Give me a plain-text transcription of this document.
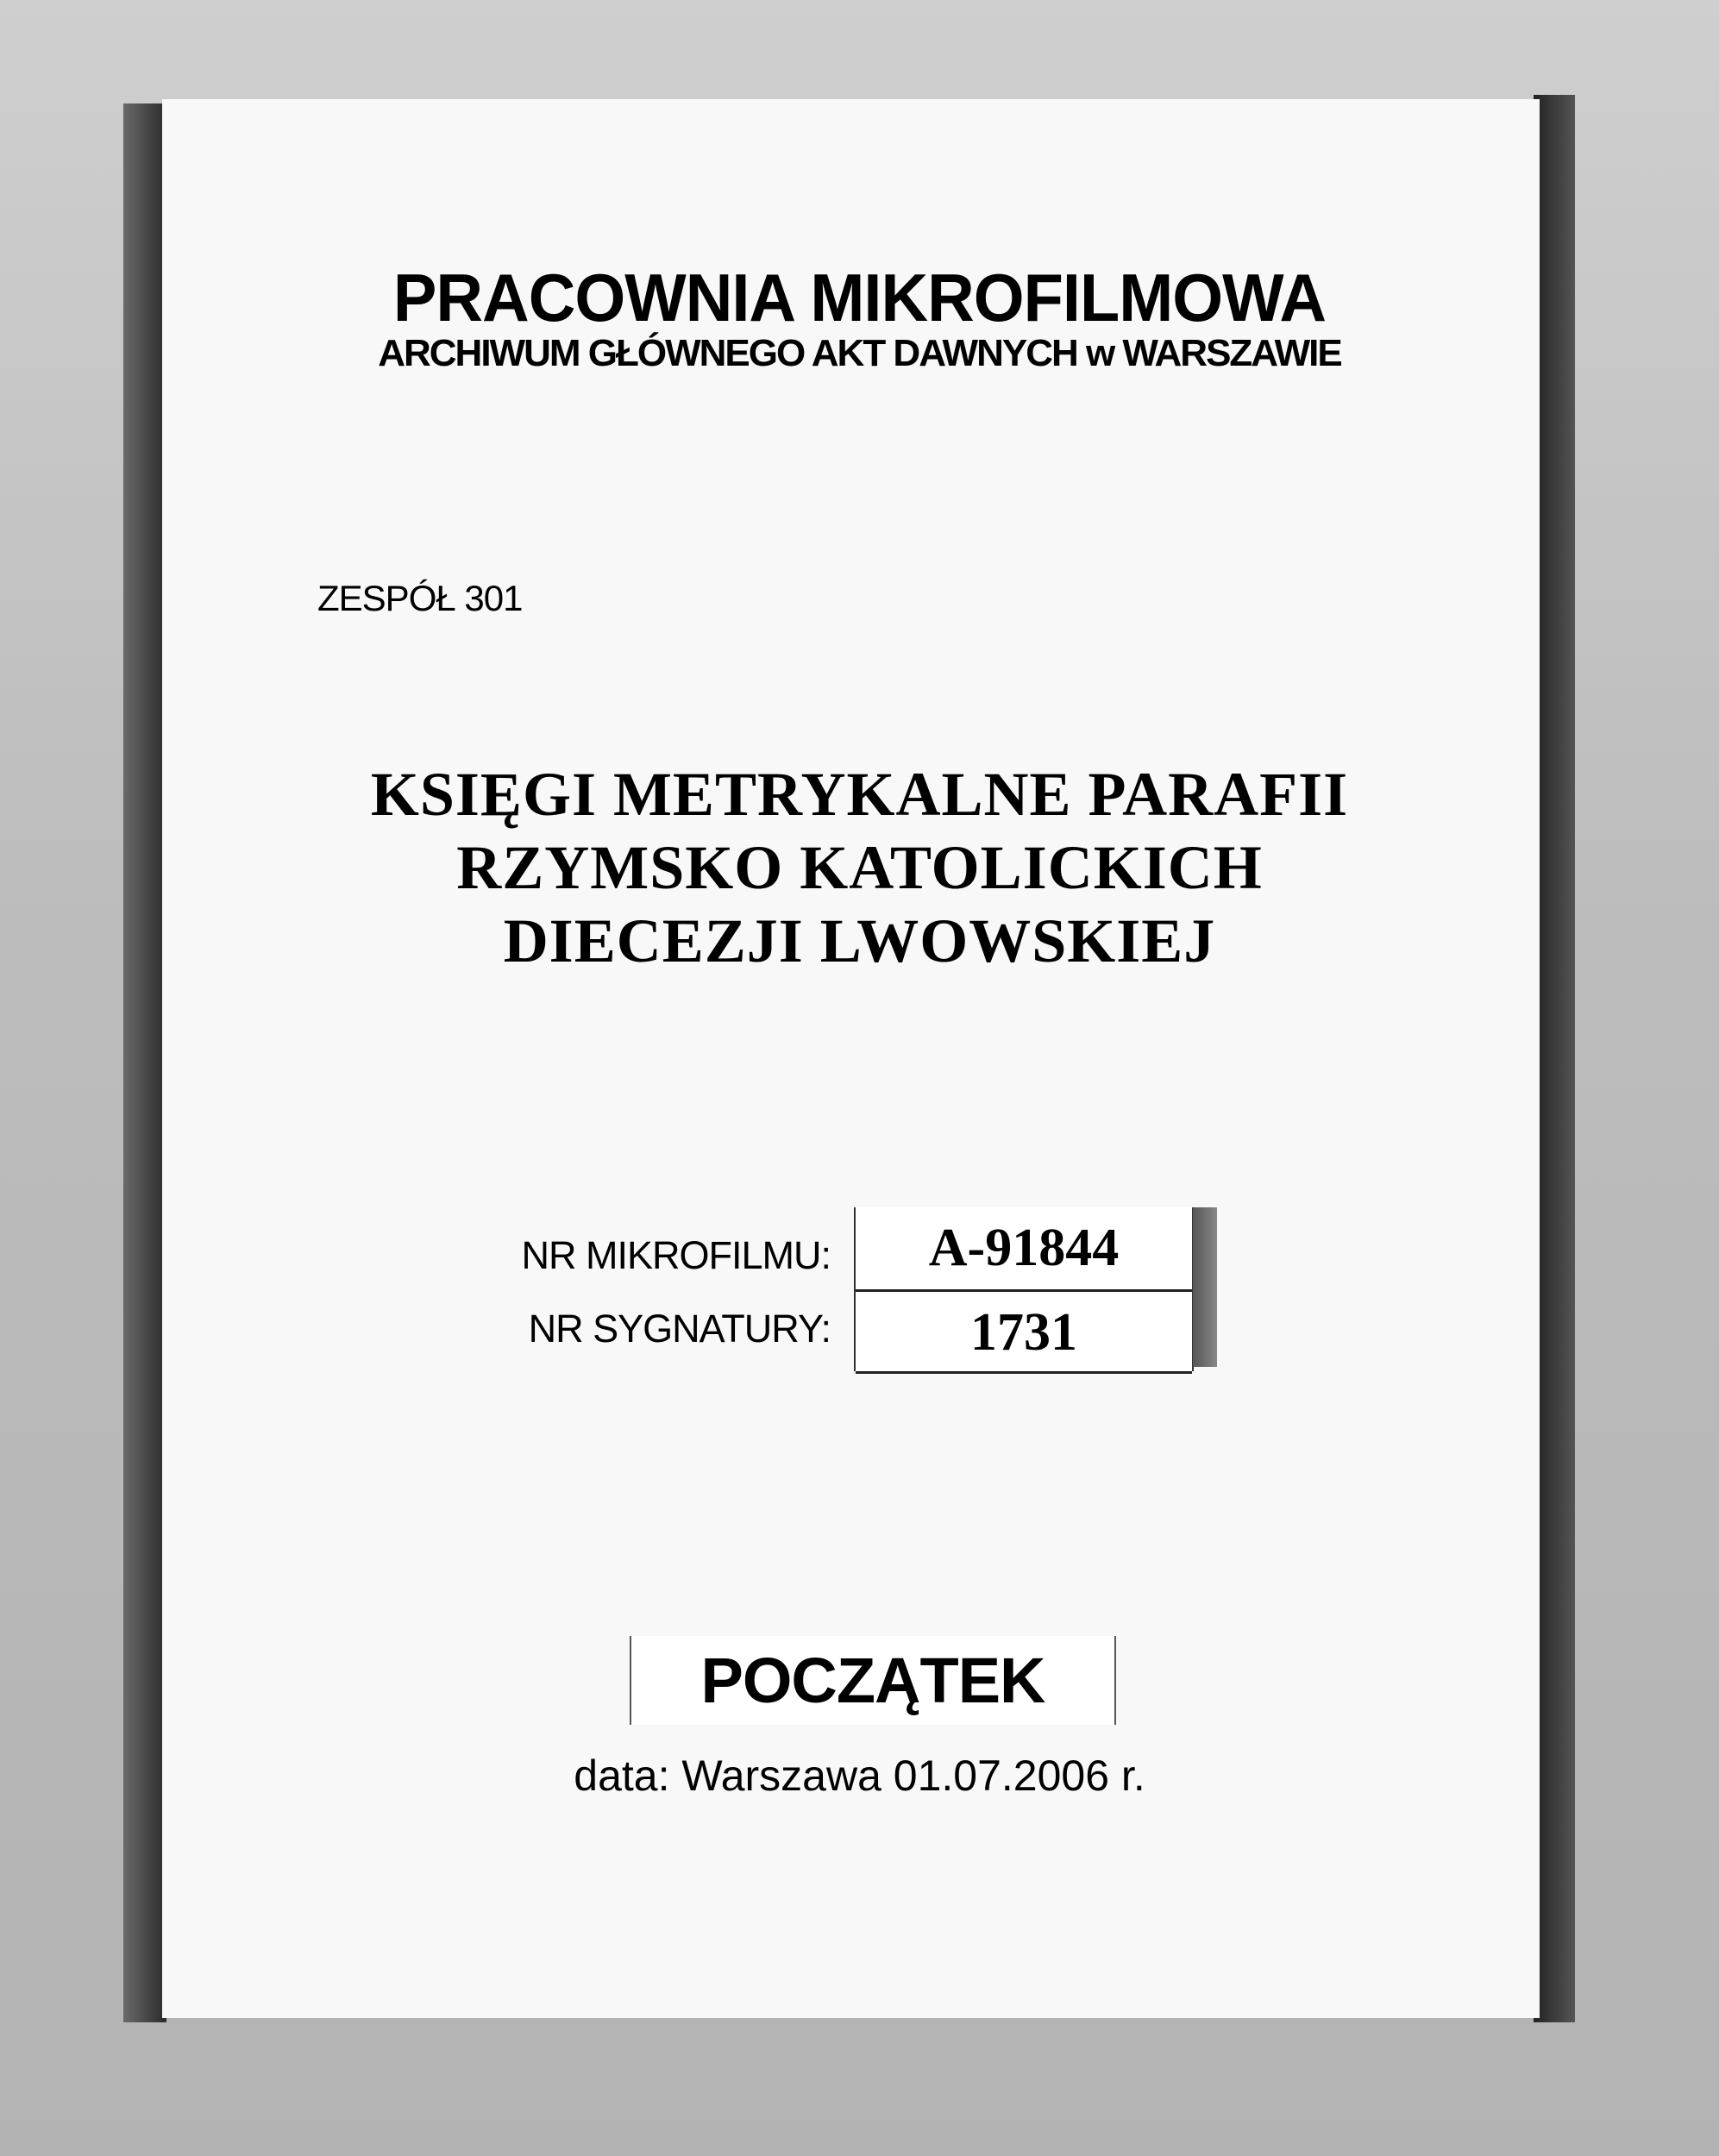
PRACOWNIA MIKROFILMOWA
ARCHIWUM GŁÓWNEGO AKT DAWNYCH w WARSZAWIE
ZESPÓŁ 301
KSIĘGI METRYKALNE PARAFII
RZYMSKO KATOLICKICH
DIECEZJI LWOWSKIEJ
NR MIKROFILMU:
NR SYGNATURY:
A-91844
1731
POCZĄTEK
data: Warszawa 01.07.2006 r.
